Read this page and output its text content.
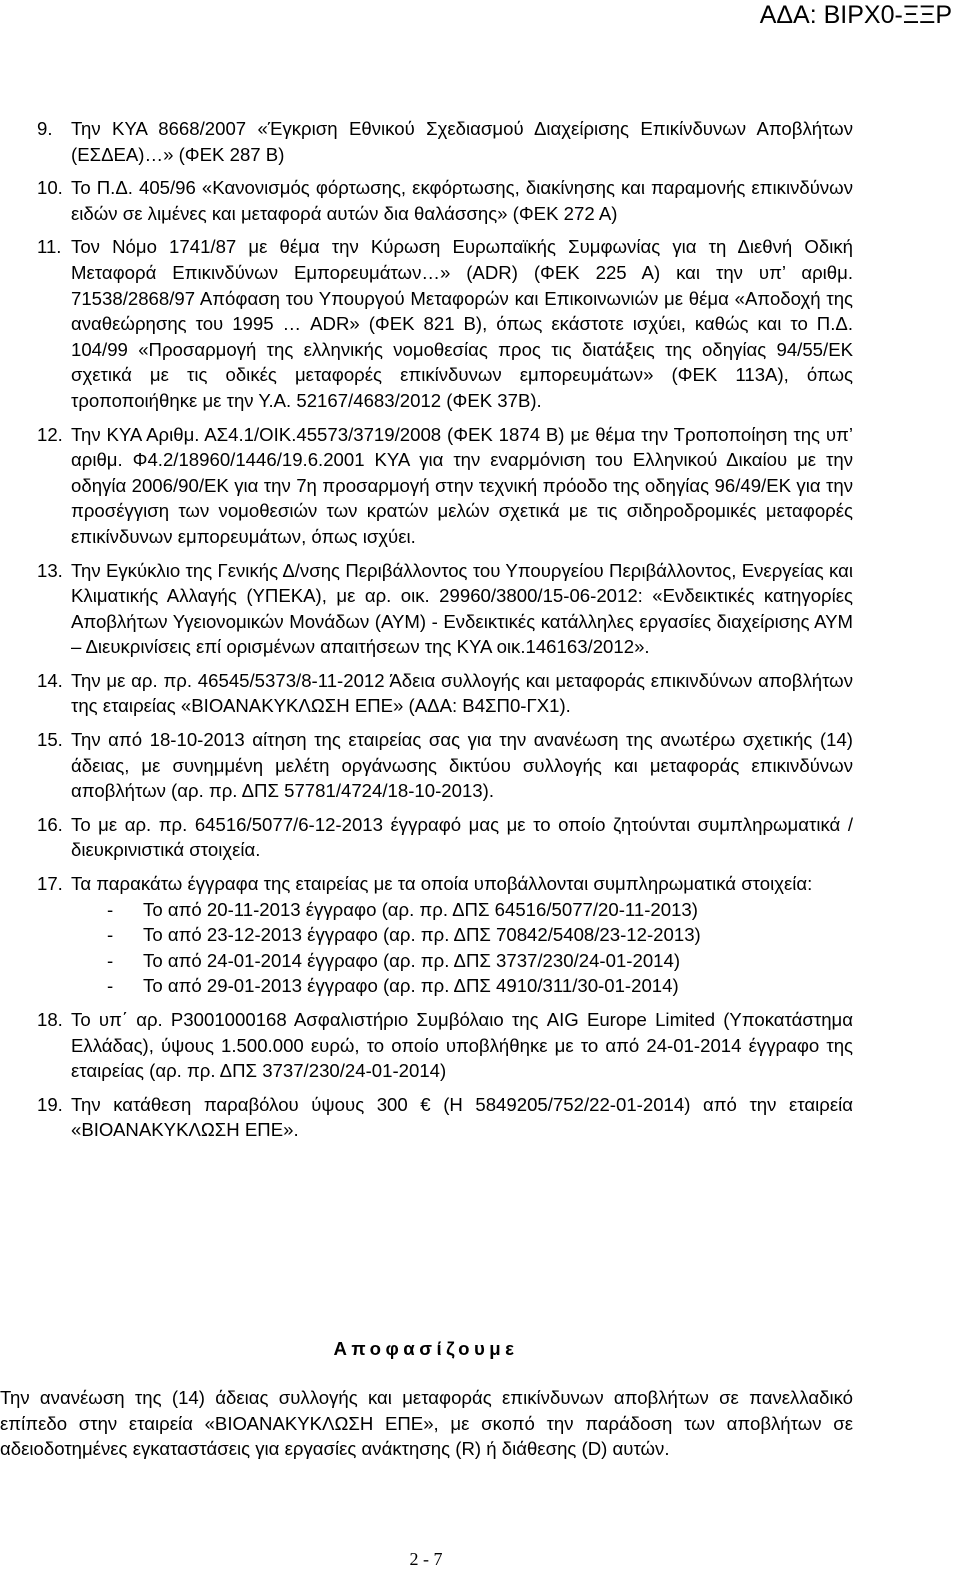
ΑΔΑ: ΒΙΡΧ0-ΞΞΡ
9. Την ΚΥΑ 8668/2007 «Έγκριση Εθνικού Σχεδιασμού Διαχείρισης Επικίνδυνων Αποβλήτων (ΕΣΔΕΑ)…» (ΦΕΚ 287 Β)
10. Το Π.Δ. 405/96 «Κανονισμός φόρτωσης, εκφόρτωσης, διακίνησης και παραμονής επικινδύνων ειδών σε λιμένες και μεταφορά αυτών δια θαλάσσης» (ΦΕΚ 272 Α)
11. Τον Νόμο 1741/87 με θέμα την Κύρωση Ευρωπαϊκής Συμφωνίας για τη Διεθνή Οδική Μεταφορά Επικινδύνων Εμπορευμάτων…» (ADR) (ΦΕΚ 225 Α) και την υπ’ αριθμ. 71538/2868/97 Απόφαση του Υπουργού Μεταφορών και Επικοινωνιών με θέμα «Αποδοχή της αναθεώρησης του 1995 … ADR» (ΦΕΚ 821 Β), όπως εκάστοτε ισχύει, καθώς και το Π.Δ. 104/99 «Προσαρμογή της ελληνικής νομοθεσίας προς τις διατάξεις της οδηγίας 94/55/ΕΚ σχετικά με τις οδικές μεταφορές επικίνδυνων εμπορευμάτων» (ΦΕΚ 113Α), όπως τροποποιήθηκε με την Υ.Α. 52167/4683/2012 (ΦΕΚ 37Β).
12. Την ΚΥΑ Αριθμ. ΑΣ4.1/ΟΙΚ.45573/3719/2008 (ΦΕΚ 1874 Β) με θέμα την Τροποποίηση της υπ’ αριθμ. Φ4.2/18960/1446/19.6.2001 ΚΥΑ για την εναρμόνιση του Ελληνικού Δικαίου με την οδηγία 2006/90/ΕΚ για την 7η προσαρμογή στην τεχνική πρόοδο της οδηγίας 96/49/ΕΚ για την προσέγγιση των νομοθεσιών των κρατών μελών σχετικά με τις σιδηροδρομικές μεταφορές επικίνδυνων εμπορευμάτων, όπως ισχύει.
13. Την Εγκύκλιο της Γενικής Δ/νσης Περιβάλλοντος του Υπουργείου Περιβάλλοντος, Ενεργείας και Κλιματικής Αλλαγής (ΥΠΕΚΑ), με αρ. οικ. 29960/3800/15-06-2012: «Ενδεικτικές κατηγορίες Αποβλήτων Υγειονομικών Μονάδων (ΑΥΜ) - Ενδεικτικές κατάλληλες εργασίες διαχείρισης ΑΥΜ – Διευκρινίσεις επί ορισμένων απαιτήσεων της ΚΥΑ οικ.146163/2012».
14. Την με αρ. πρ. 46545/5373/8-11-2012 Άδεια συλλογής και μεταφοράς επικινδύνων αποβλήτων της εταιρείας «ΒΙΟΑΝΑΚΥΚΛΩΣΗ ΕΠΕ» (ΑΔΑ: Β4ΣΠ0-ΓΧ1).
15. Την από 18-10-2013 αίτηση της εταιρείας σας για την ανανέωση της ανωτέρω σχετικής (14) άδειας, με συνημμένη μελέτη οργάνωσης δικτύου συλλογής και μεταφοράς επικινδύνων αποβλήτων (αρ. πρ. ΔΠΣ 57781/4724/18-10-2013).
16. Το με αρ. πρ. 64516/5077/6-12-2013 έγγραφό μας με το οποίο ζητούνται συμπληρωματικά / διευκρινιστικά στοιχεία.
17. Τα παρακάτω έγγραφα της εταιρείας με τα οποία υποβάλλονται συμπληρωματικά στοιχεία:
-	Το από 20-11-2013 έγγραφο (αρ. πρ. ΔΠΣ 64516/5077/20-11-2013)
-	Το από 23-12-2013 έγγραφο (αρ. πρ. ΔΠΣ 70842/5408/23-12-2013)
-	Το από 24-01-2014 έγγραφο (αρ. πρ. ΔΠΣ 3737/230/24-01-2014)
-	Το από 29-01-2013 έγγραφο (αρ. πρ. ΔΠΣ 4910/311/30-01-2014)
18. Το υπ΄ αρ. Ρ3001000168 Ασφαλιστήριο Συμβόλαιο της AIG Europe Limited (Υποκατάστημα Ελλάδας), ύψους 1.500.000 ευρώ, το οποίο υποβλήθηκε με το από 24-01-2014 έγγραφο της εταιρείας (αρ. πρ. ΔΠΣ 3737/230/24-01-2014)
19. Την κατάθεση παραβόλου ύψους 300 € (Η 5849205/752/22-01-2014) από την εταιρεία «ΒΙΟΑΝΑΚΥΚΛΩΣΗ ΕΠΕ».
Αποφασίζουμε

Την ανανέωση της (14) άδειας συλλογής και μεταφοράς επικίνδυνων αποβλήτων σε πανελλαδικό επίπεδο στην εταιρεία «ΒΙΟΑΝΑΚΥΚΛΩΣΗ ΕΠΕ», με σκοπό την παράδοση των αποβλήτων σε αδειοδοτημένες εγκαταστάσεις για εργασίες ανάκτησης (R) ή διάθεσης (D) αυτών.

2 - 7
